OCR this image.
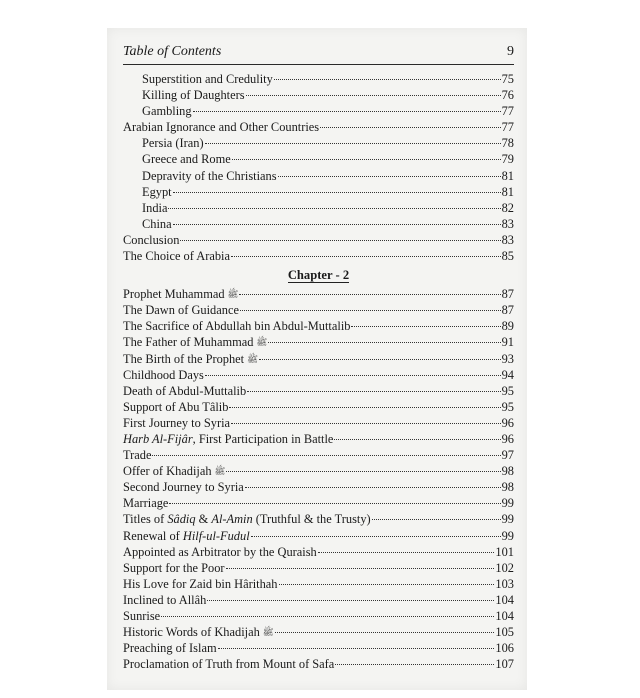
Table of Contents	9
Superstition and Credulity	75
Killing of Daughters	76
Gambling	77
Arabian Ignorance and Other Countries	77
Persia (Iran)	78
Greece and Rome	79
Depravity of the Christians	81
Egypt	81
India	82
China	83
Conclusion	83
The Choice of Arabia	85
Chapter - 2
Prophet Muhammad ﷺ	87
The Dawn of Guidance	87
The Sacrifice of Abdullah bin Abdul-Muttalib	89
The Father of Muhammad ﷺ	91
The Birth of the Prophet ﷺ	93
Childhood Days	94
Death of Abdul-Muttalib	95
Support of Abu Tâlib	95
First Journey to Syria	96
Harb Al-Fijâr, First Participation in Battle	96
Trade	97
Offer of Khadijah ﷺ	98
Second Journey to Syria	98
Marriage	99
Titles of Sâdiq & Al-Amin (Truthful & the Trusty)	99
Renewal of Hilf-ul-Fudul	99
Appointed as Arbitrator by the Quraish	101
Support for the Poor	102
His Love for Zaid bin Hârithah	103
Inclined to Allâh	104
Sunrise	104
Historic Words of Khadijah ﷺ	105
Preaching of Islam	106
Proclamation of Truth from Mount of Safa	107
